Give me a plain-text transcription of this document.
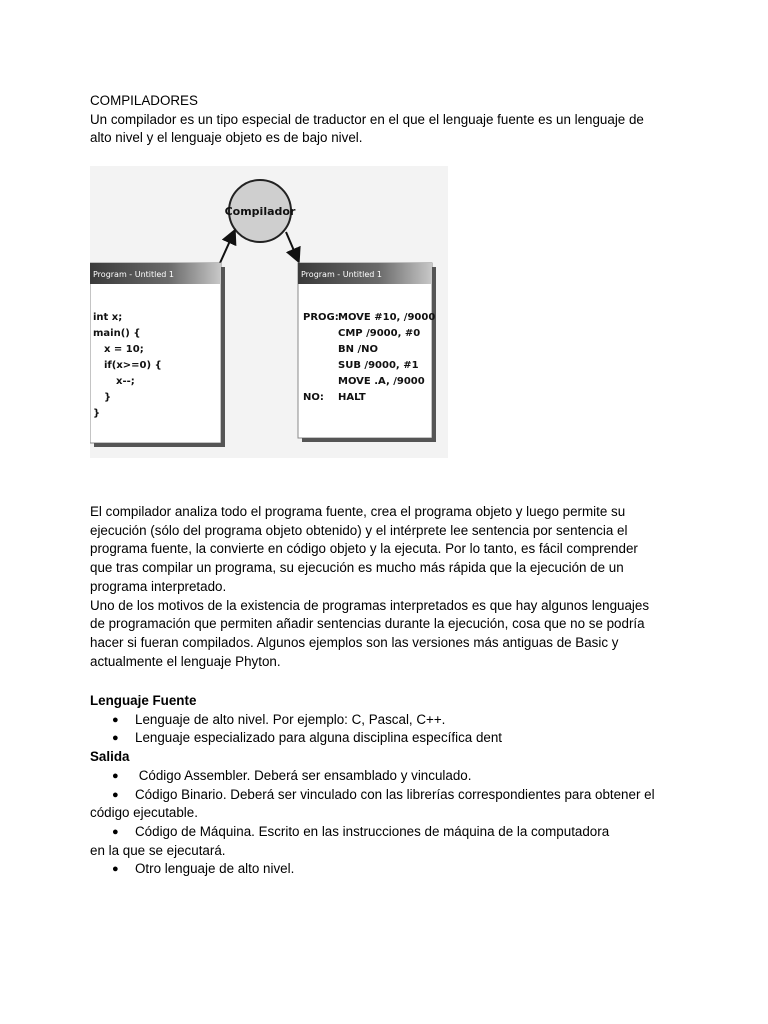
COMPILADORES

Un compilador es un tipo especial de traductor en el que el lenguaje fuente es un lenguaje de

alto nivel y el lenguaje objeto es de bajo nivel.

Compilador
Program - Untitled 1
int x;
main() {
x = 10;
if(x>=0) {
x--;
}
}
Program - Untitled 1
PROG:
NO:
MOVE #10, /9000
CMP /9000, #0
BN /NO
SUB /9000, #1
MOVE .A, /9000
HALT

El compilador analiza todo el programa fuente, crea el programa objeto y luego permite su

ejecución (sólo del programa objeto obtenido) y el intérprete lee sentencia por sentencia el

programa fuente, la convierte en código objeto y la ejecuta. Por lo tanto, es fácil comprender

que tras compilar un programa, su ejecución es mucho más rápida que la ejecución de un

programa interpretado.

Uno de los motivos de la existencia de programas interpretados es que hay algunos lenguajes

de programación que permiten añadir sentencias durante la ejecución, cosa que no se podría

hacer si fueran compilados. Algunos ejemplos son las versiones más antiguas de Basic y

actualmente el lenguaje Phyton.

Lenguaje Fuente

● Lenguaje de alto nivel. Por ejemplo: C, Pascal, C++.
● Lenguaje especializado para alguna disciplina específica dent

Salida

● Código Assembler. Deberá ser ensamblado y vinculado.
● Código Binario. Deberá ser vinculado con las librerías correspondientes para obtener el
código ejecutable.
● Código de Máquina. Escrito en las instrucciones de máquina de la computadora
en la que se ejecutará.
● Otro lenguaje de alto nivel.
